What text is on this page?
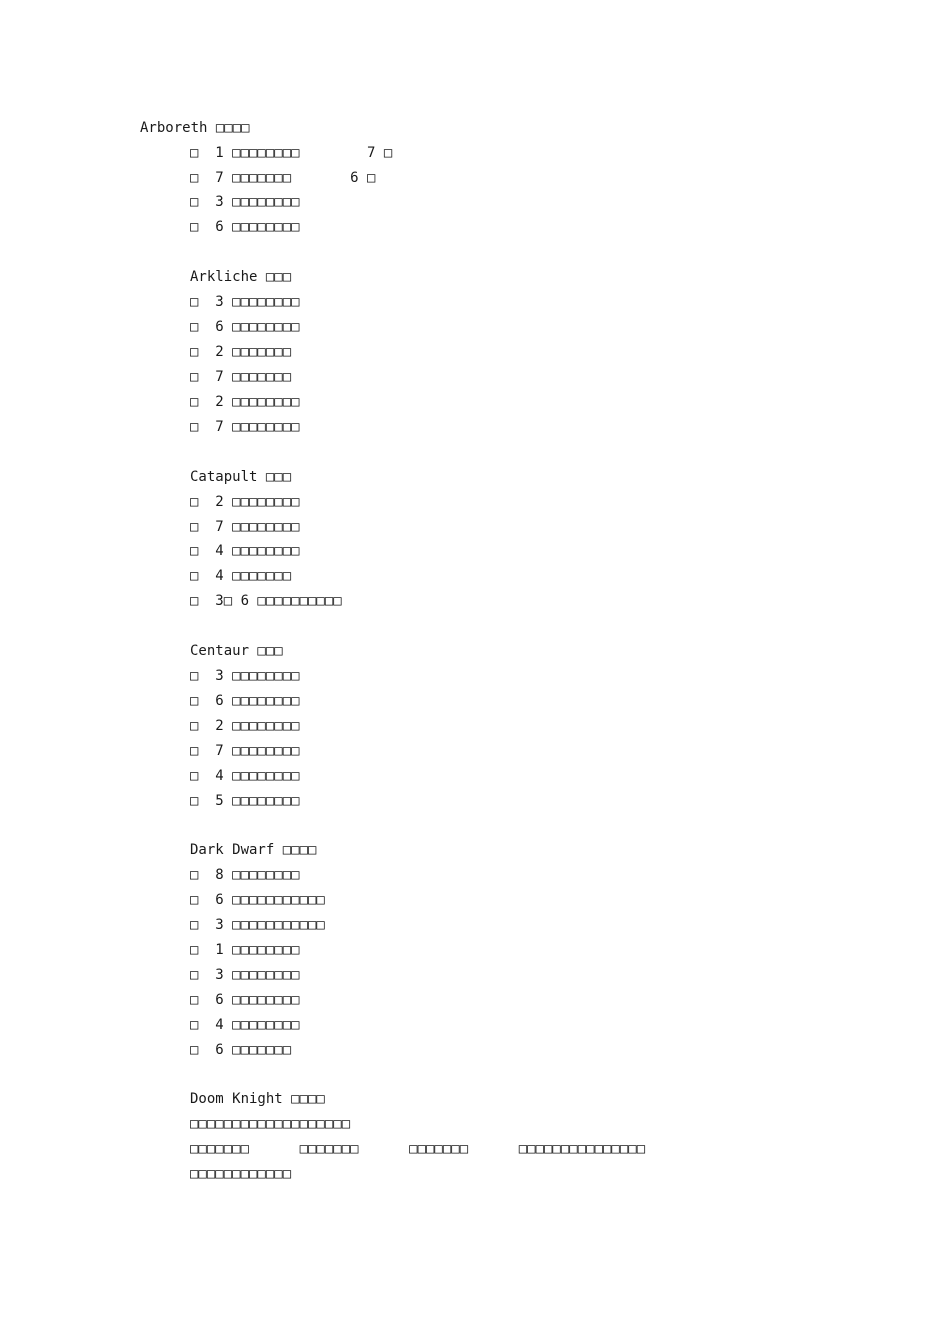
Arboreth □□□□
□  1 □□□□□□□□        7 □
□  7 □□□□□□□       6 □
□  3 □□□□□□□□
□  6 □□□□□□□□
Arkliche □□□
□  3 □□□□□□□□
□  6 □□□□□□□□
□  2 □□□□□□□
□  7 □□□□□□□
□  2 □□□□□□□□
□  7 □□□□□□□□
Catapult □□□
□  2 □□□□□□□□
□  7 □□□□□□□□
□  4 □□□□□□□□
□  4 □□□□□□□
□  3□ 6 □□□□□□□□□□
Centaur □□□
□  3 □□□□□□□□
□  6 □□□□□□□□
□  2 □□□□□□□□
□  7 □□□□□□□□
□  4 □□□□□□□□
□  5 □□□□□□□□
Dark Dwarf □□□□
□  8 □□□□□□□□
□  6 □□□□□□□□□□□
□  3 □□□□□□□□□□□
□  1 □□□□□□□□
□  3 □□□□□□□□
□  6 □□□□□□□□
□  4 □□□□□□□□
□  6 □□□□□□□
Doom Knight □□□□
□□□□□□□□□□□□□□□□□□□
□□□□□□□      □□□□□□□      □□□□□□□      □□□□□□□□□□□□□□□
□□□□□□□□□□□□
